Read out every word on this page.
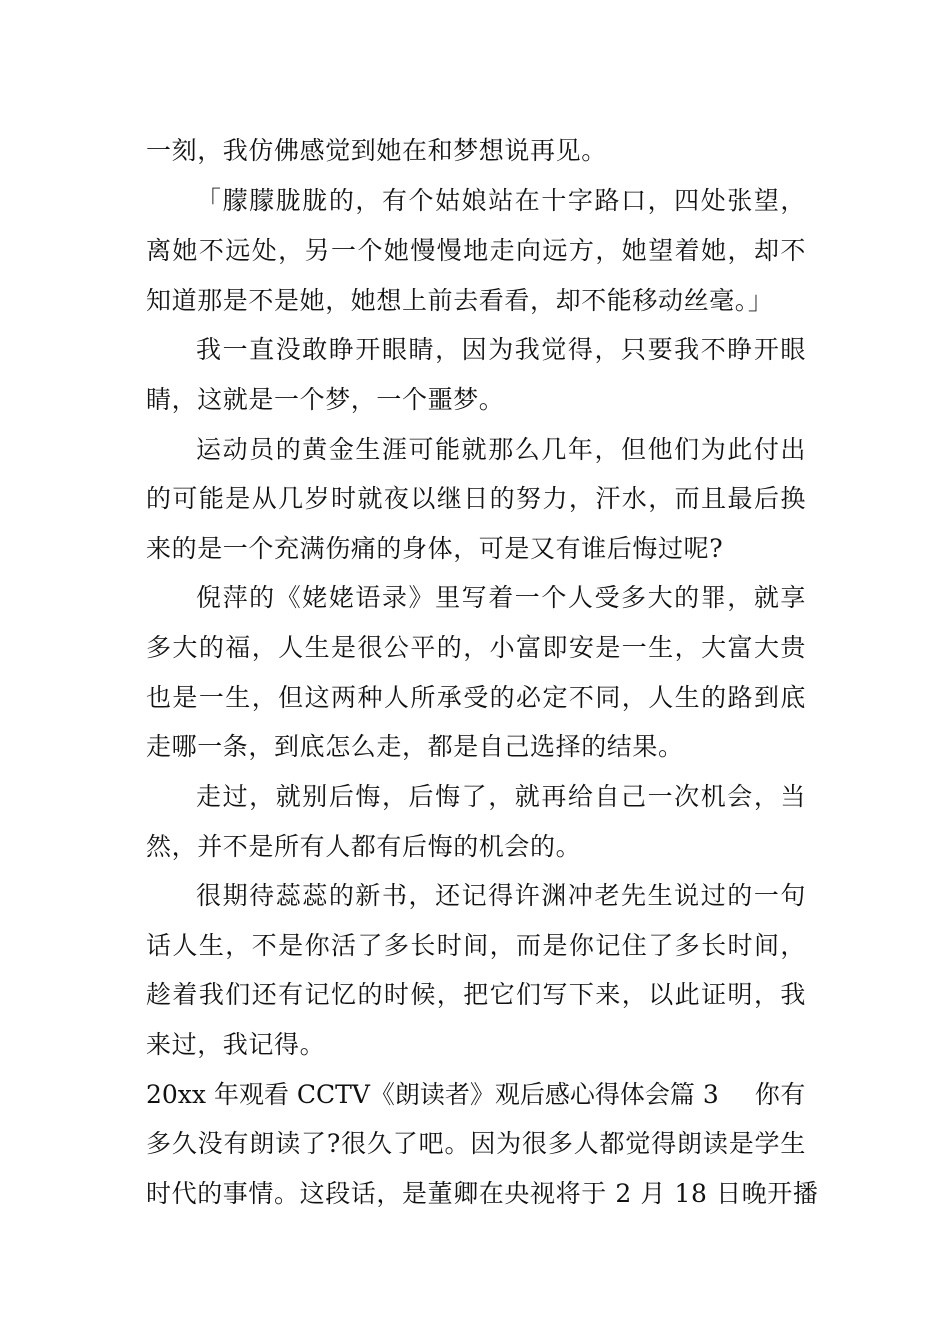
一刻，我仿佛感觉到她在和梦想说再见。
「朦朦胧胧的，有个姑娘站在十字路口，四处张望，
离她不远处，另一个她慢慢地走向远方，她望着她，却不
知道那是不是她，她想上前去看看，却不能移动丝毫。」
我一直没敢睁开眼睛，因为我觉得，只要我不睁开眼
睛，这就是一个梦，一个噩梦。
运动员的黄金生涯可能就那么几年，但他们为此付出
的可能是从几岁时就夜以继日的努力，汗水，而且最后换
来的是一个充满伤痛的身体，可是又有谁后悔过呢?
倪萍的《姥姥语录》里写着一个人受多大的罪，就享
多大的福，人生是很公平的，小富即安是一生，大富大贵
也是一生，但这两种人所承受的必定不同，人生的路到底
走哪一条，到底怎么走，都是自己选择的结果。
走过，就别后悔，后悔了，就再给自己一次机会，当
然，并不是所有人都有后悔的机会的。
很期待蕊蕊的新书，还记得许渊冲老先生说过的一句
话人生，不是你活了多长时间，而是你记住了多长时间，
趁着我们还有记忆的时候，把它们写下来，以此证明，我
来过，我记得。
20xx 年观看 CCTV《朗读者》观后感心得体会篇 3 你有
多久没有朗读了?很久了吧。因为很多人都觉得朗读是学生
时代的事情。这段话，是董卿在央视将于 2 月 18 日晚开播
